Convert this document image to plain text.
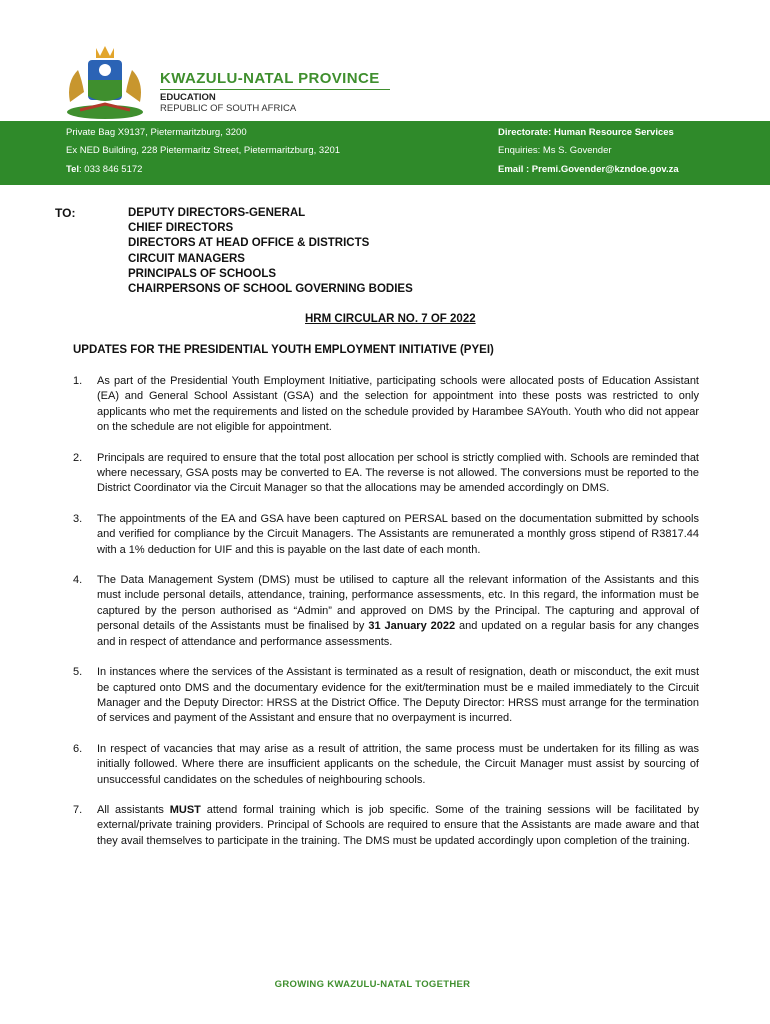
KWAZULU-NATAL PROVINCE
EDUCATION
REPUBLIC OF SOUTH AFRICA
Private Bag X9137, Pietermaritzburg, 3200
Ex NED Building, 228 Pietermaritz Street, Pietermaritzburg, 3201
Tel: 033 846 5172
Directorate: Human Resource Services
Enquiries: Ms S. Govender
Email : Premi.Govender@kzndoe.gov.za
TO:	DEPUTY DIRECTORS-GENERAL
CHIEF DIRECTORS
DIRECTORS AT HEAD OFFICE & DISTRICTS
CIRCUIT MANAGERS
PRINCIPALS OF SCHOOLS
CHAIRPERSONS OF SCHOOL GOVERNING BODIES
HRM CIRCULAR NO. 7 OF 2022
UPDATES FOR THE PRESIDENTIAL YOUTH EMPLOYMENT INITIATIVE (PYEI)
1.	As part of the Presidential Youth Employment Initiative, participating schools were allocated posts of Education Assistant (EA) and General School Assistant (GSA) and the selection for appointment into these posts was restricted to only applicants who met the requirements and listed on the schedule provided by Harambee SAYouth. Youth who did not appear on the schedule are not eligible for appointment.
2.	Principals are required to ensure that the total post allocation per school is strictly complied with. Schools are reminded that where necessary, GSA posts may be converted to EA. The reverse is not allowed. The conversions must be reported to the District Coordinator via the Circuit Manager so that the allocations may be amended accordingly on DMS.
3.	The appointments of the EA and GSA have been captured on PERSAL based on the documentation submitted by schools and verified for compliance by the Circuit Managers. The Assistants are remunerated a monthly gross stipend of R3817.44 with a 1% deduction for UIF and this is payable on the last date of each month.
4.	The Data Management System (DMS) must be utilised to capture all the relevant information of the Assistants and this must include personal details, attendance, training, performance assessments, etc. In this regard, the information must be captured by the person authorised as “Admin” and approved on DMS by the Principal. The capturing and approval of personal details of the Assistants must be finalised by 31 January 2022 and updated on a regular basis for any changes and in respect of attendance and performance assessments.
5.	In instances where the services of the Assistant is terminated as a result of resignation, death or misconduct, the exit must be captured onto DMS and the documentary evidence for the exit/termination must be e mailed immediately to the Circuit Manager and the Deputy Director: HRSS at the District Office. The Deputy Director: HRSS must arrange for the termination of services and payment of the Assistant and ensure that no overpayment is incurred.
6.	In respect of vacancies that may arise as a result of attrition, the same process must be undertaken for its filling as was initially followed. Where there are insufficient applicants on the schedule, the Circuit Manager must assist by sourcing of unsuccessful candidates on the schedules of neighbouring schools.
7.	All assistants MUST attend formal training which is job specific. Some of the training sessions will be facilitated by external/private training providers. Principal of Schools are required to ensure that the Assistants are made aware and that they avail themselves to participate in the training. The DMS must be updated accordingly upon completion of the training.
GROWING KWAZULU-NATAL TOGETHER
